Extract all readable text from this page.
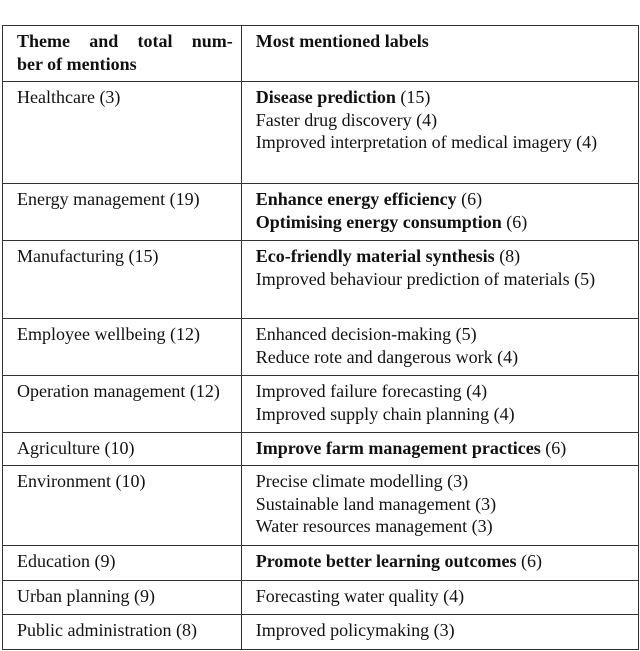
Theme and total num-
ber of mentions	Most mentioned labels
Healthcare (3)	Disease prediction (15)
Faster drug discovery (4)
Improved interpretation of medical imagery (4)

Energy management (19)	Enhance energy efficiency (6)
Optimising energy consumption (6)

Manufacturing (15)	Eco-friendly material synthesis (8)
Improved behaviour prediction of materials (5)

Employee wellbeing (12)	Enhanced decision-making (5)
Reduce rote and dangerous work (4)

Operation management (12)	Improved failure forecasting (4)
Improved supply chain planning (4)

Agriculture (10)	Improve farm management practices (6)

Environment (10)	Precise climate modelling (3)
Sustainable land management (3)
Water resources management (3)

Education (9)	Promote better learning outcomes (6)

Urban planning (9)	Forecasting water quality (4)

Public administration (8)	Improved policymaking (3)
